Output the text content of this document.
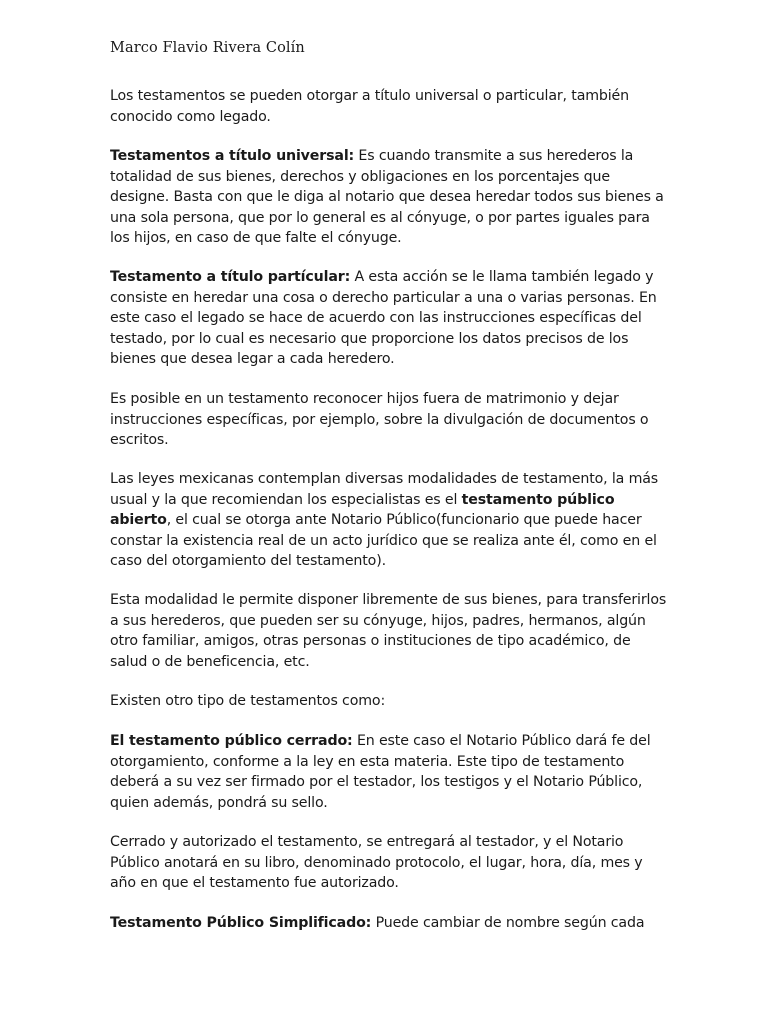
Marco Flavio Rivera Colín

Los testamentos se pueden otorgar a título universal o particular, también conocido como legado.

Testamentos a título universal: Es cuando transmite a sus herederos la totalidad de sus bienes, derechos y obligaciones en los porcentajes que designe. Basta con que le diga al notario que desea heredar todos sus bienes a una sola persona, que por lo general es al cónyuge, o por partes iguales para los hijos, en caso de que falte el cónyuge.

Testamento a título partícular: A esta acción se le llama también legado y consiste en heredar una cosa o derecho particular a una o varias personas. En este caso el legado se hace de acuerdo con las instrucciones específicas del testado, por lo cual es necesario que proporcione los datos precisos de los bienes que desea legar a cada heredero.

Es posible en un testamento reconocer hijos fuera de matrimonio y dejar instrucciones específicas, por ejemplo, sobre la divulgación de documentos o escritos.

Las leyes mexicanas contemplan diversas modalidades de testamento, la más usual y la que recomiendan los especialistas es el testamento público abierto, el cual se otorga ante Notario Público(funcionario que puede hacer constar la existencia real de un acto jurídico que se realiza ante él, como en el caso del otorgamiento del testamento).

Esta modalidad le permite disponer libremente de sus bienes, para transferirlos a sus herederos, que pueden ser su cónyuge, hijos, padres, hermanos, algún otro familiar, amigos, otras personas o instituciones de tipo académico, de salud o de beneficencia, etc.

Existen otro tipo de testamentos como:

El testamento público cerrado: En este caso el Notario Público dará fe del otorgamiento, conforme a la ley en esta materia. Este tipo de testamento deberá a su vez ser firmado por el testador, los testigos y el Notario Público, quien además, pondrá su sello.

Cerrado y autorizado el testamento, se entregará al testador, y el Notario Público anotará en su libro, denominado protocolo, el lugar, hora, día, mes y año en que el testamento fue autorizado.

Testamento Público Simplificado: Puede cambiar de nombre según cada
